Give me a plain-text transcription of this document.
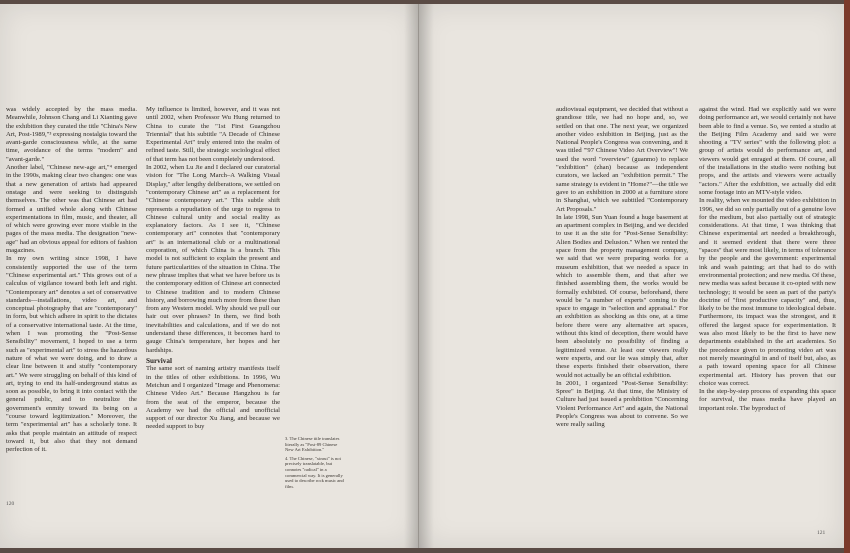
was widely accepted by the mass media. Meanwhile, Johnson Chang and Li Xianting gave the exhibition they curated the title "China's New Art, Post-1989,"³ expressing nostalgia toward the avant-garde consciousness while, at the same time, avoidance of the terms "modern" and "avant-garde."

Another label, "Chinese new-age art,"⁴ emerged in the 1990s, making clear two changes: one was that a new generation of artists had appeared onstage and were seeking to distinguish themselves. The other was that Chinese art had formed a unified whole along with Chinese experimentations in film, music, and theater, all of which were growing ever more visible in the pages of the mass media. The designation "new-age" had an obvious appeal for editors of fashion magazines.

In my own writing since 1998, I have consistently supported the use of the term "Chinese experimental art." This grows out of a calculus of vigilance toward both left and right. "Contemporary art" denotes a set of conservative standards—installations, video art, and conceptual photography that are "contemporary" in form, but which adhere in spirit to the dictates of a conservative international taste. At the time, when I was promoting the "Post-Sense Sensibility" movement, I hoped to use a term such as "experimental art" to stress the hazardous nature of what we were doing, and to draw a clear line between it and stuffy "contemporary art." We were struggling on behalf of this kind of art, trying to end its half-underground status as soon as possible, to bring it into contact with the general public, and to neutralize the government's enmity toward its being on a "course toward legitimization." Moreover, the term "experimental art" has a scholarly tone. It asks that people maintain an attitude of respect toward it, but also that they not demand perfection of it.

My influence is limited, however, and it was not until 2002, when Professor Wu Hung returned to China to curate the "1st First Guangzhou Triennial" that his subtitle "A Decade of Chinese Experimental Art" truly entered into the realm of refined taste. Still, the strategic sociological effect of that term has not been completely understood.

In 2002, when Lu Jie and I declared our curatorial vision for "The Long March–A Walking Visual Display," after lengthy deliberations, we settled on "contemporary Chinese art" as a replacement for "Chinese contemporary art." This subtle shift represents a repudiation of the urge to regress to Chinese cultural unity and social reality as explanatory factors. As I see it, "Chinese contemporary art" connotes that "contemporary art" is an international club or a multinational corporation, of which China is a branch. This model is not sufficient to explain the present and future particularities of the situation in China. The new phrase implies that what we have before us is the contemporary edition of Chinese art connected to Chinese tradition and to modern Chinese history, and borrowing much more from these than from any Western model. Why should we pull our hair out over phrases? In them, we find both inevitabilities and calculations, and if we do not understand these differences, it becomes hard to gauge China's temperature, her hopes and her hardships.

Survival

The same sort of naming artistry manifests itself in the titles of other exhibitions. In 1996, Wu Meichun and I organized "Image and Phenomena: Chinese Video Art." Because Hangzhou is far from the seat of the emperor, because the Academy we had the official and unofficial support of our director Xu Jiang, and because we needed support to buy

3. The Chinese title translates literally as "Post-89 Chinese New Art Exhibition."

4. The Chinese, "xinrui" is not precisely translatable, but connotes "radical" in a commercial way. It is generally used to describe rock music and film.

120

audiovisual equipment, we decided that without a grandiose title, we had no hope and, so, we settled on that one. The next year, we organized another video exhibition in Beijing, just as the National People's Congress was convening, and it was titled "'97 Chinese Video Art Overview"! We used the word "overview" (guanmo) to replace "exhibition" (zhan) because as independent curators, we lacked an "exhibition permit." The same strategy is evident in "Home?"—the title we gave to an exhibition in 2000 at a furniture store in Shanghai, which we subtitled "Contemporary Art Proposals."

In late 1998, Sun Yuan found a huge basement at an apartment complex in Beijing, and we decided to use it as the site for "Post-Sense Sensibility: Alien Bodies and Delusion." When we rented the space from the property management company, we said that we were preparing works for a museum exhibition, that we needed a space in which to assemble them, and that after we finished assembling them, the works would be formally exhibited. Of course, beforehand, there would be "a number of experts" coming to the space to engage in "selection and appraisal." For an exhibition as shocking as this one, at a time before there were any alternative art spaces, without this kind of deception, there would have been absolutely no possibility of finding a legitimized venue. At least our viewers really were experts, and our lie was simply that, after these experts finished their observation, there would not actually be an official exhibition.

In 2001, I organized "Post-Sense Sensibility: Spree" in Beijing. At that time, the Ministry of Culture had just issued a prohibition "Concerning Violent Performance Art" and again, the National People's Congress was about to convene. So we were really sailing

against the wind. Had we explicitly said we were doing performance art, we would certainly not have been able to find a venue. So, we rented a studio at the Beijing Film Academy and said we were shooting a "TV series" with the following plot: a group of artists would do performance art, and viewers would get enraged at them. Of course, all of the installations in the studio were nothing but props, and the artists and viewers were actually "actors." After the exhibition, we actually did edit some footage into an MTV-style video.

In reality, when we mounted the video exhibition in 1996, we did so only partially out of a genuine love for the medium, but also partially out of strategic considerations. At that time, I was thinking that Chinese experimental art needed a breakthrough, and it seemed evident that there were three "spaces" that were most likely, in terms of tolerance by the people and the government: experimental ink and wash painting; art that had to do with environmental protection; and new media. Of these, new media was safest because it co-opted with new technology; it would be seen as part of the party's doctrine of "first productive capacity" and, thus, likely to be the most immune to ideological debate. Furthermore, its impact was the strongest, and it offered the largest space for experimentation. It was also most likely to be the first to have new departments established in the art academies. So the precedence given to promoting video art was not merely meaningful in and of itself but, also, as a path toward opening space for all Chinese experimental art. History has proven that our choice was correct.

In the step-by-step process of expanding this space for survival, the mass media have played an important role. The byproduct of

121
